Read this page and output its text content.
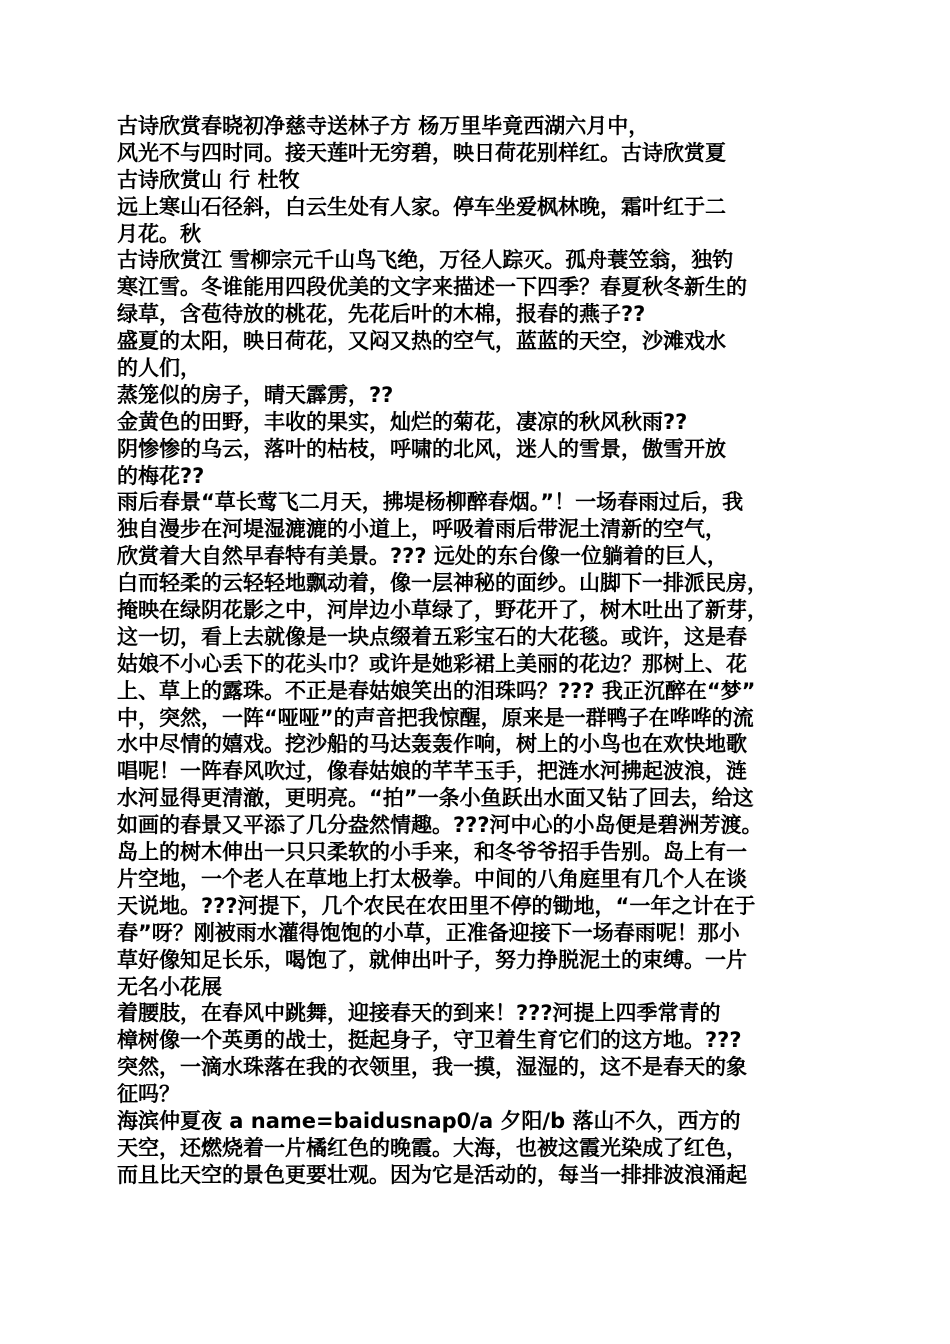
古诗欣赏春晓初净慈寺送林子方 杨万里毕竟西湖六月中，
风光不与四时同。接天莲叶无穷碧，映日荷花别样红。古诗欣赏夏
古诗欣赏山 行 杜牧
远上寒山石径斜，白云生处有人家。停车坐爱枫林晚，霜叶红于二
月花。秋
古诗欣赏江 雪柳宗元千山鸟飞绝，万径人踪灭。孤舟蓑笠翁，独钓
寒江雪。冬谁能用四段优美的文字来描述一下四季？春夏秋冬新生的
绿草，含苞待放的桃花，先花后叶的木棉，报春的燕子??
盛夏的太阳，映日荷花，又闷又热的空气，蓝蓝的天空，沙滩戏水
的人们，
蒸笼似的房子，晴天霹雳，??
金黄色的田野，丰收的果实，灿烂的菊花，凄凉的秋风秋雨??
阴惨惨的乌云，落叶的枯枝，呼啸的北风，迷人的雪景，傲雪开放
的梅花??
雨后春景“草长莺飞二月天，拂堤杨柳醉春烟。”！一场春雨过后，我
独自漫步在河堤湿漉漉的小道上，呼吸着雨后带泥土清新的空气，
欣赏着大自然早春特有美景。??? 远处的东台像一位躺着的巨人，
白而轻柔的云轻轻地飘动着，像一层神秘的面纱。山脚下一排派民房，
掩映在绿阴花影之中，河岸边小草绿了，野花开了，树木吐出了新芽，
这一切，看上去就像是一块点缀着五彩宝石的大花毯。或许，这是春
姑娘不小心丢下的花头巾？或许是她彩裙上美丽的花边？那树上、花
上、草上的露珠。不正是春姑娘笑出的泪珠吗？??? 我正沉醉在“梦”
中，突然，一阵“哑哑”的声音把我惊醒，原来是一群鸭子在哗哗的流
水中尽情的嬉戏。挖沙船的马达轰轰作响，树上的小鸟也在欢快地歌
唱呢！一阵春风吹过，像春姑娘的芊芊玉手，把涟水河拂起波浪，涟
水河显得更清澈，更明亮。“拍”一条小鱼跃出水面又钻了回去，给这
如画的春景又平添了几分盎然情趣。???河中心的小岛便是碧洲芳渡。
岛上的树木伸出一只只柔软的小手来，和冬爷爷招手告别。岛上有一
片空地，一个老人在草地上打太极拳。中间的八角庭里有几个人在谈
天说地。???河提下，几个农民在农田里不停的锄地，“一年之计在于
春”呀？刚被雨水灌得饱饱的小草，正准备迎接下一场春雨呢！那小
草好像知足长乐，喝饱了，就伸出叶子，努力挣脱泥土的束缚。一片
无名小花展
着腰肢，在春风中跳舞，迎接春天的到来！???河提上四季常青的
樟树像一个英勇的战士，挺起身子，守卫着生育它们的这方地。???
突然，一滴水珠落在我的衣领里，我一摸，湿湿的，这不是春天的象
征吗？
海滨仲夏夜 a name=baidusnap0/a 夕阳/b 落山不久，西方的
天空，还燃烧着一片橘红色的晚霞。大海，也被这霞光染成了红色，
而且比天空的景色更要壮观。因为它是活动的，每当一排排波浪涌起
